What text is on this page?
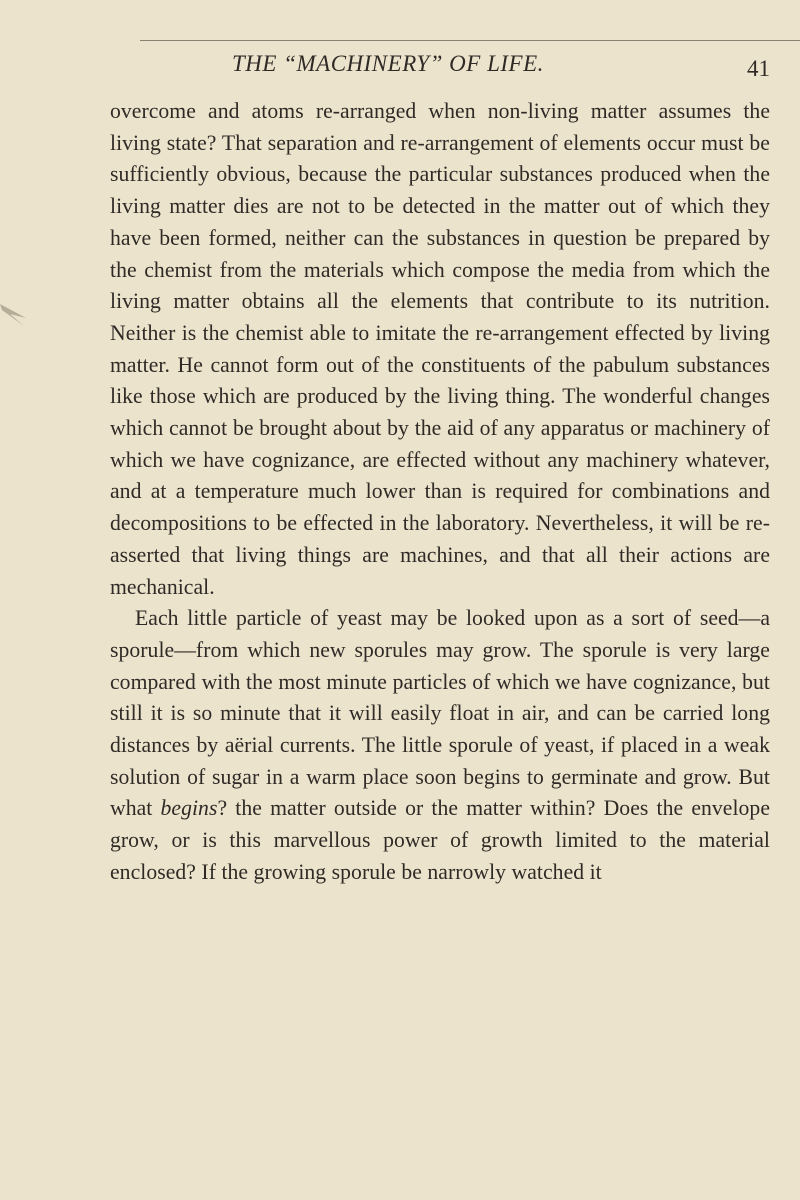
THE “MACHINERY” OF LIFE.	41

overcome and atoms re-arranged when non-living matter assumes the living state? That separation and re-arrangement of elements occur must be sufficiently obvious, because the particular substances produced when the living matter dies are not to be detected in the matter out of which they have been formed, neither can the substances in question be prepared by the chemist from the materials which compose the media from which the living matter obtains all the elements that contribute to its nutrition. Neither is the chemist able to imitate the re-arrangement effected by living matter. He cannot form out of the constituents of the pabulum substances like those which are produced by the living thing. The wonderful changes which cannot be brought about by the aid of any apparatus or machinery of which we have cognizance, are effected without any machinery whatever, and at a temperature much lower than is required for combinations and decompositions to be effected in the laboratory. Nevertheless, it will be re-asserted that living things are machines, and that all their actions are mechanical.

Each little particle of yeast may be looked upon as a sort of seed—a sporule—from which new sporules may grow. The sporule is very large compared with the most minute particles of which we have cognizance, but still it is so minute that it will easily float in air, and can be carried long distances by aërial currents. The little sporule of yeast, if placed in a weak solution of sugar in a warm place soon begins to germinate and grow. But what begins? the matter outside or the matter within? Does the envelope grow, or is this marvellous power of growth limited to the material enclosed? If the growing sporule be narrowly watched it
